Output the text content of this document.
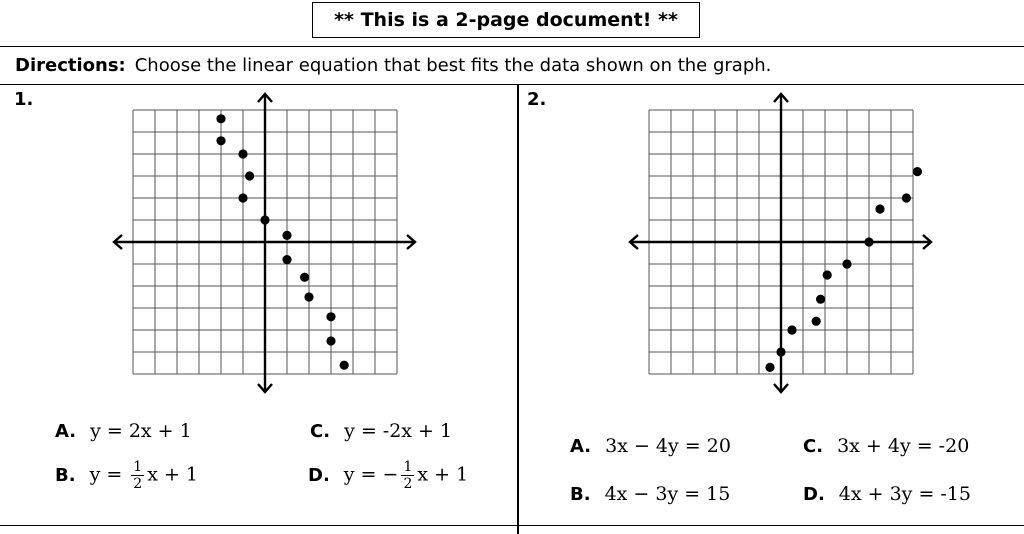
** This is a 2-page document! **
Directions: Choose the linear equation that best fits the data shown on the graph.
1.
A. y = 2x + 1
B. $y = \frac{1}{2}$ x + 1
C. y = -2x + 1
D. y = − $\frac{1}{2}$ x + 1
2.
A. 3x − 4y = 20
B. 4x − 3y = 15
C. 3x + 4y = -20
D. 4x + 3y = -15
